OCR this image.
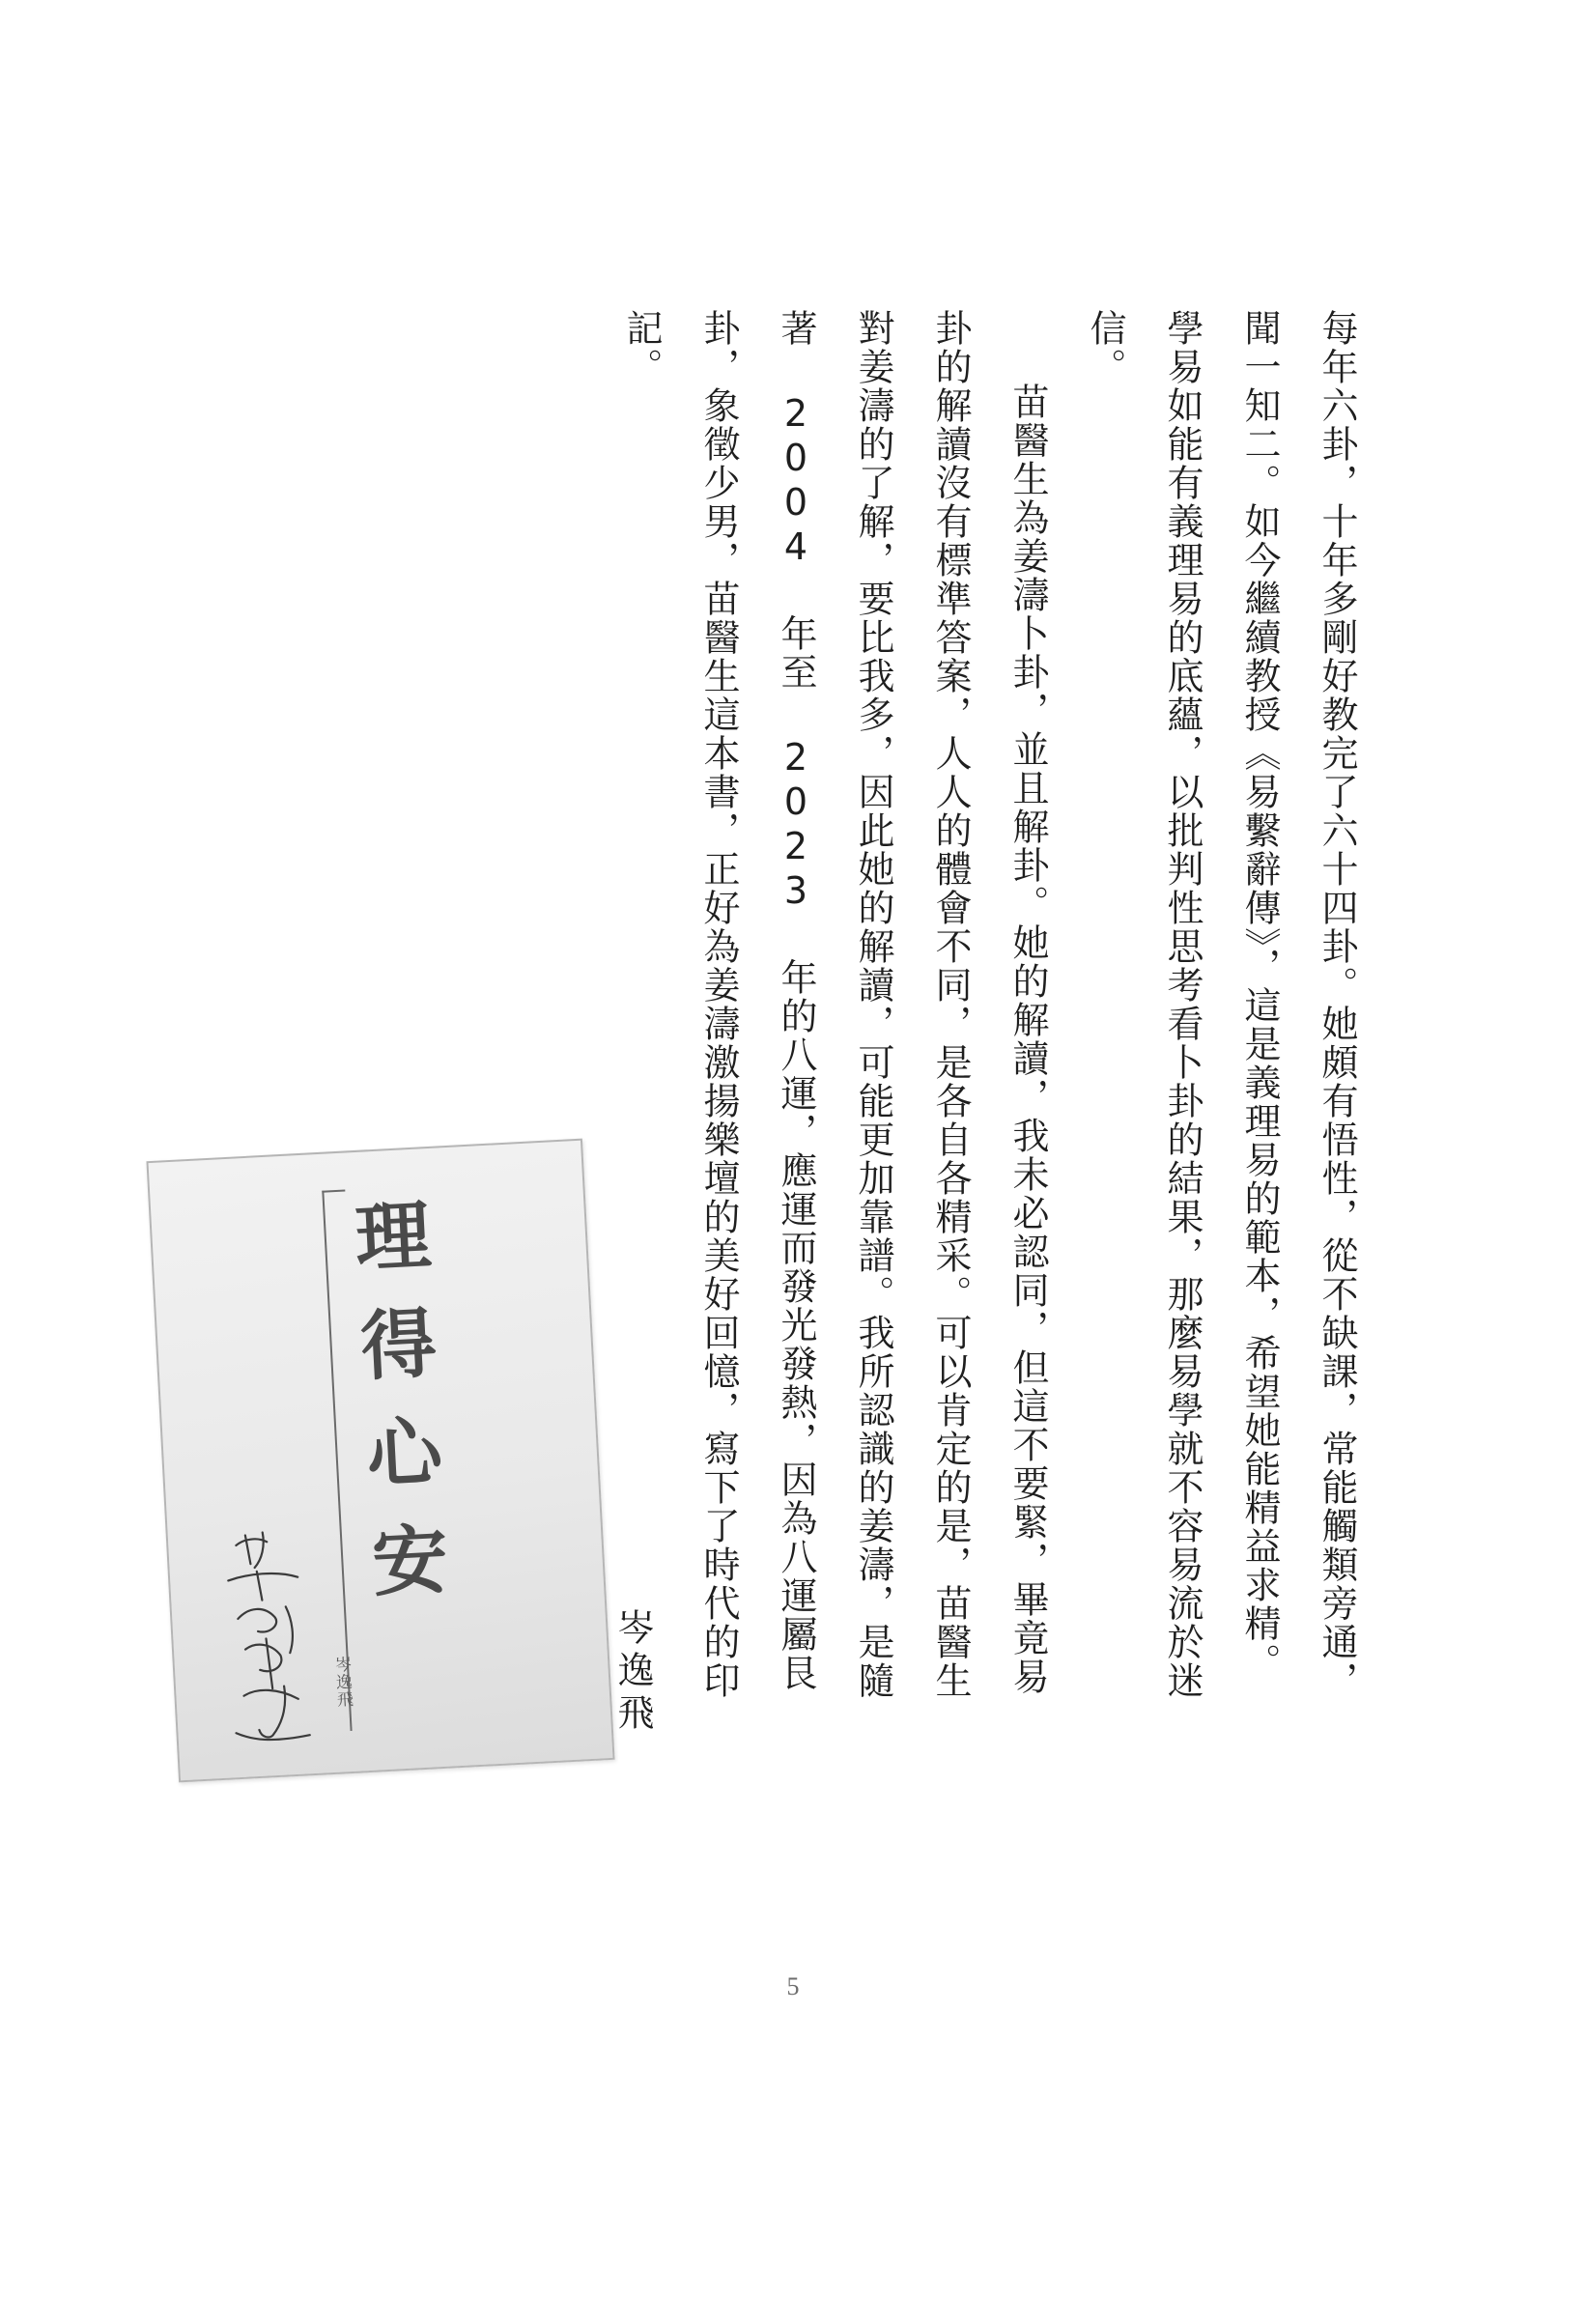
每年六卦，十年多剛好教完了六十四卦。她頗有悟性，從不缺課，常能觸類旁通，聞一知二。如今繼續教授《易繫辭傳》，這是義理易的範本，希望她能精益求精。學易如能有義理易的底蘊，以批判性思考看卜卦的結果，那麼易學就不容易流於迷信。

苗醫生為姜濤卜卦，並且解卦。她的解讀，我未必認同，但這不要緊，畢竟易卦的解讀沒有標準答案，人人的體會不同，是各自各精采。可以肯定的是，苗醫生對姜濤的了解，要比我多，因此她的解讀，可能更加靠譜。我所認識的姜濤，是隨著 2004 年至 2023 年的八運，應運而發光發熱，因為八運屬艮卦，象徵少男，苗醫生這本書，正好為姜濤激揚樂壇的美好回憶，寫下了時代的印記。

岑逸飛
理得心安
岑逸飛
5
